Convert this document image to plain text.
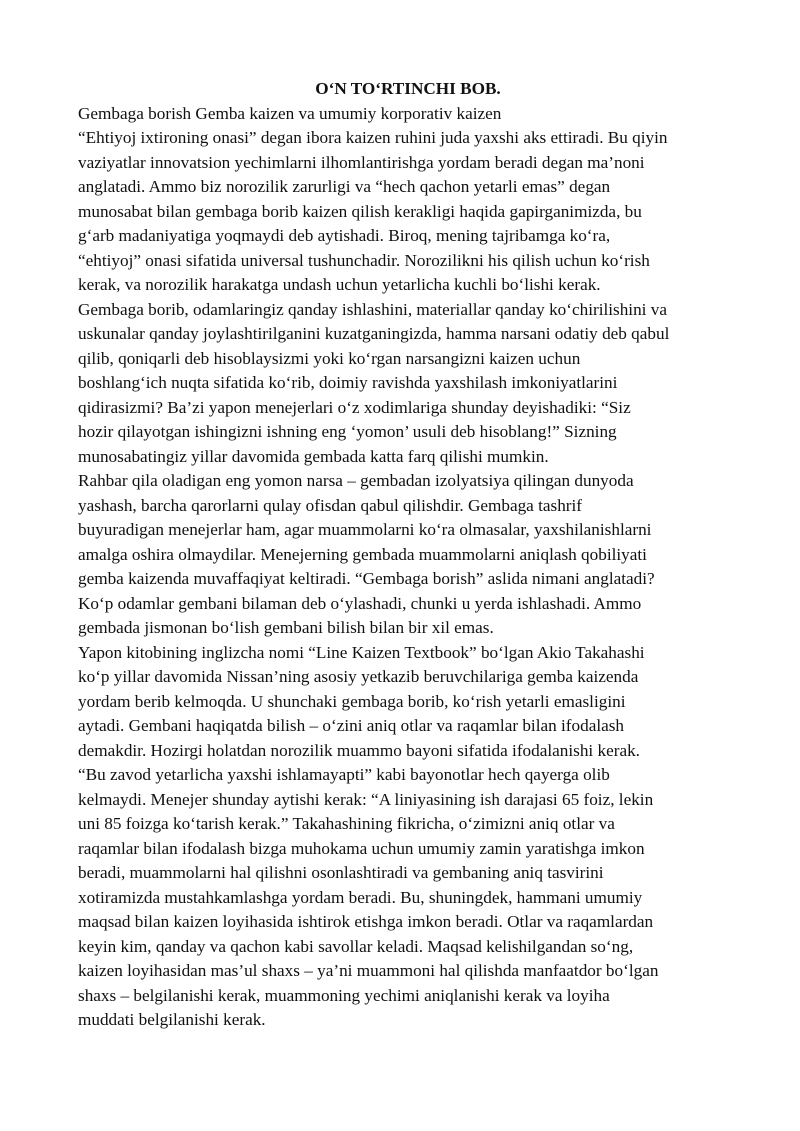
O‘N TO‘RTINCHI BOB.

Gembaga borish Gemba kaizen va umumiy korporativ kaizen

“Ehtiyoj ixtironing onasi” degan ibora kaizen ruhini juda yaxshi aks ettiradi. Bu qiyin

vaziyatlar innovatsion yechimlarni ilhomlantirishga yordam beradi degan ma’noni

anglatadi. Ammo biz norozilik zarurligi va “hech qachon yetarli emas” degan

munosabat bilan gembaga borib kaizen qilish kerakligi haqida gapirganimizda, bu

g‘arb madaniyatiga yoqmaydi deb aytishadi. Biroq, mening tajribamga ko‘ra,

“ehtiyoj” onasi sifatida universal tushunchadir. Norozilikni his qilish uchun ko‘rish

kerak, va norozilik harakatga undash uchun yetarlicha kuchli bo‘lishi kerak.

Gembaga borib, odamlaringiz qanday ishlashini, materiallar qanday ko‘chirilishini va

uskunalar qanday joylashtirilganini kuzatganingizda, hamma narsani odatiy deb qabul

qilib, qoniqarli deb hisoblaysizmi yoki ko‘rgan narsangizni kaizen uchun

boshlang‘ich nuqta sifatida ko‘rib, doimiy ravishda yaxshilash imkoniyatlarini

qidirasizmi? Ba’zi yapon menejerlari o‘z xodimlariga shunday deyishadiki: “Siz

hozir qilayotgan ishingizni ishning eng ‘yomon’ usuli deb hisoblang!” Sizning

munosabatingiz yillar davomida gembada katta farq qilishi mumkin.

Rahbar qila oladigan eng yomon narsa – gembadan izolyatsiya qilingan dunyoda

yashash, barcha qarorlarni qulay ofisdan qabul qilishdir. Gembaga tashrif

buyuradigan menejerlar ham, agar muammolarni ko‘ra olmasalar, yaxshilanishlarni

amalga oshira olmaydilar. Menejerning gembada muammolarni aniqlash qobiliyati

gemba kaizenda muvaffaqiyat keltiradi. “Gembaga borish” aslida nimani anglatadi?

Ko‘p odamlar gembani bilaman deb o‘ylashadi, chunki u yerda ishlashadi. Ammo

gembada jismonan bo‘lish gembani bilish bilan bir xil emas.

Yapon kitobining inglizcha nomi “Line Kaizen Textbook” bo‘lgan Akio Takahashi

ko‘p yillar davomida Nissan’ning asosiy yetkazib beruvchilariga gemba kaizenda

yordam berib kelmoqda. U shunchaki gembaga borib, ko‘rish yetarli emasligini

aytadi. Gembani haqiqatda bilish – o‘zini aniq otlar va raqamlar bilan ifodalash

demakdir. Hozirgi holatdan norozilik muammo bayoni sifatida ifodalanishi kerak.

“Bu zavod yetarlicha yaxshi ishlamayapti” kabi bayonotlar hech qayerga olib

kelmaydi. Menejer shunday aytishi kerak: “A liniyasining ish darajasi 65 foiz, lekin

uni 85 foizga ko‘tarish kerak.” Takahashining fikricha, o‘zimizni aniq otlar va

raqamlar bilan ifodalash bizga muhokama uchun umumiy zamin yaratishga imkon

beradi, muammolarni hal qilishni osonlashtiradi va gembaning aniq tasvirini

xotiramizda mustahkamlashga yordam beradi. Bu, shuningdek, hammani umumiy

maqsad bilan kaizen loyihasida ishtirok etishga imkon beradi. Otlar va raqamlardan

keyin kim, qanday va qachon kabi savollar keladi. Maqsad kelishilgandan so‘ng,

kaizen loyihasidan mas’ul shaxs – ya’ni muammoni hal qilishda manfaatdor bo‘lgan

shaxs – belgilanishi kerak, muammoning yechimi aniqlanishi kerak va loyiha

muddati belgilanishi kerak.
